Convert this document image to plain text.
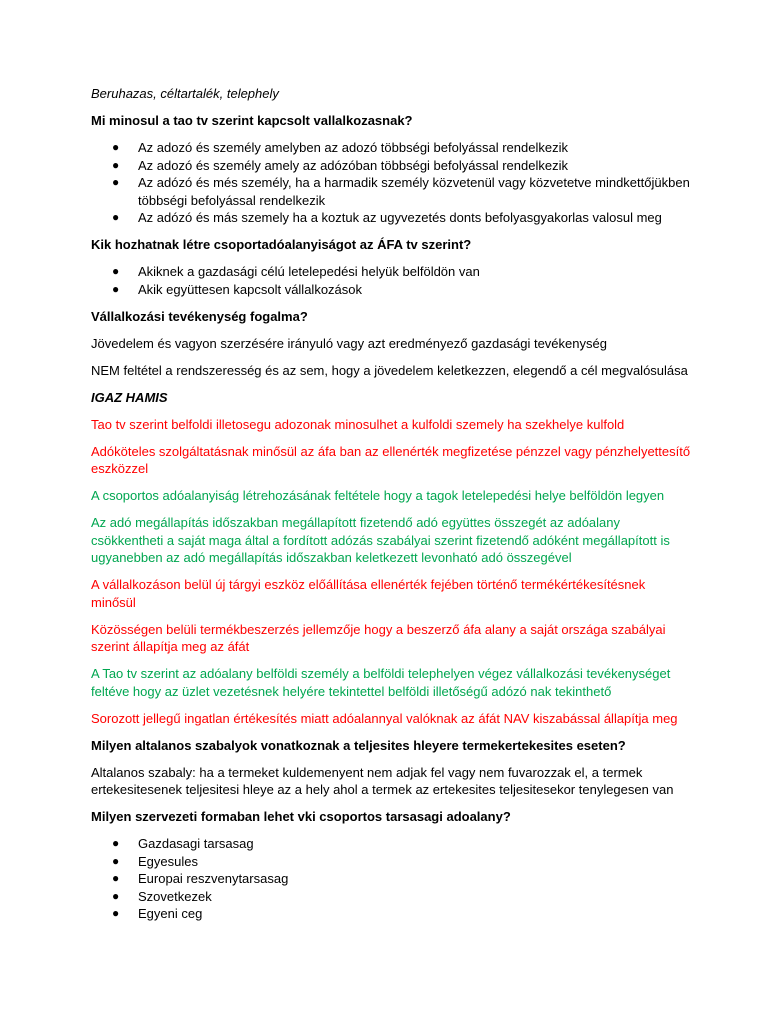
Beruhazas, céltartalék, telephely

Mi minosul a tao tv szerint kapcsolt vallalkozasnak?

● Az adozó és személy amelyben az adozó többségi befolyással rendelkezik
● Az adozó és személy amely az adózóban többségi befolyással rendelkezik
● Az adózó és més személy, ha a harmadik személy közvetenül vagy közvetetve mindkettőjükben többségi befolyással rendelkezik
● Az adózó és más szemely ha a koztuk az ugyvezetés donts befolyasgyakorlas valosul meg

Kik hozhatnak létre csoportadóalanyiságot az ÁFA tv szerint?

● Akiknek a gazdasági célú letelepedési helyük belföldön van
● Akik együttesen kapcsolt vállalkozások

Vállalkozási tevékenység fogalma?

Jövedelem és vagyon szerzésére irányuló vagy azt eredményező gazdasági tevékenység

NEM feltétel a rendszeresség és az sem, hogy a jövedelem keletkezzen, elegendő a cél megvalósulása

IGAZ HAMIS

Tao tv szerint belfoldi illetosegu adozonak minosulhet a kulfoldi szemely ha szekhelye kulfold

Adóköteles szolgáltatásnak minősül az áfa ban az ellenérték megfizetése pénzzel vagy pénzhelyettesítő eszközzel

A csoportos adóalanyiság létrehozásának feltétele hogy a tagok letelepedési helye belföldön legyen

Az adó megállapítás időszakban megállapított fizetendő adó együttes összegét az adóalany csökkentheti a saját maga által a fordított adózás szabályai szerint fizetendő adóként megállapított is ugyanebben az adó megállapítás időszakban keletkezett levonható adó összegével

A vállalkozáson belül új tárgyi eszköz előállítása ellenérték fejében történő termékértékesítésnek minősül

Közösségen belüli termékbeszerzés jellemzője hogy a beszerző áfa alany a saját országa szabályai szerint állapítja meg az áfát

A Tao tv szerint az adóalany belföldi személy a belföldi telephelyen végez vállalkozási tevékenységet feltéve hogy az üzlet vezetésnek helyére tekintettel belföldi illetőségű adózó nak tekinthető

Sorozott jellegű ingatlan értékesítés miatt adóalannyal valóknak az áfát NAV kiszabással állapítja meg

Milyen altalanos szabalyok vonatkoznak a teljesites hleyere termekertekesites eseten?

Altalanos szabaly: ha a termeket kuldemenyent nem adjak fel vagy nem fuvarozzak el, a termek ertekesitesenek teljesitesi hleye az a hely ahol a termek az ertekesites teljesitesekor tenylegesen van

Milyen szervezeti formaban lehet vki csoportos tarsasagi adoalany?

● Gazdasagi tarsasag
● Egyesules
● Europai reszvenytarsasag
● Szovetkezek
● Egyeni ceg
